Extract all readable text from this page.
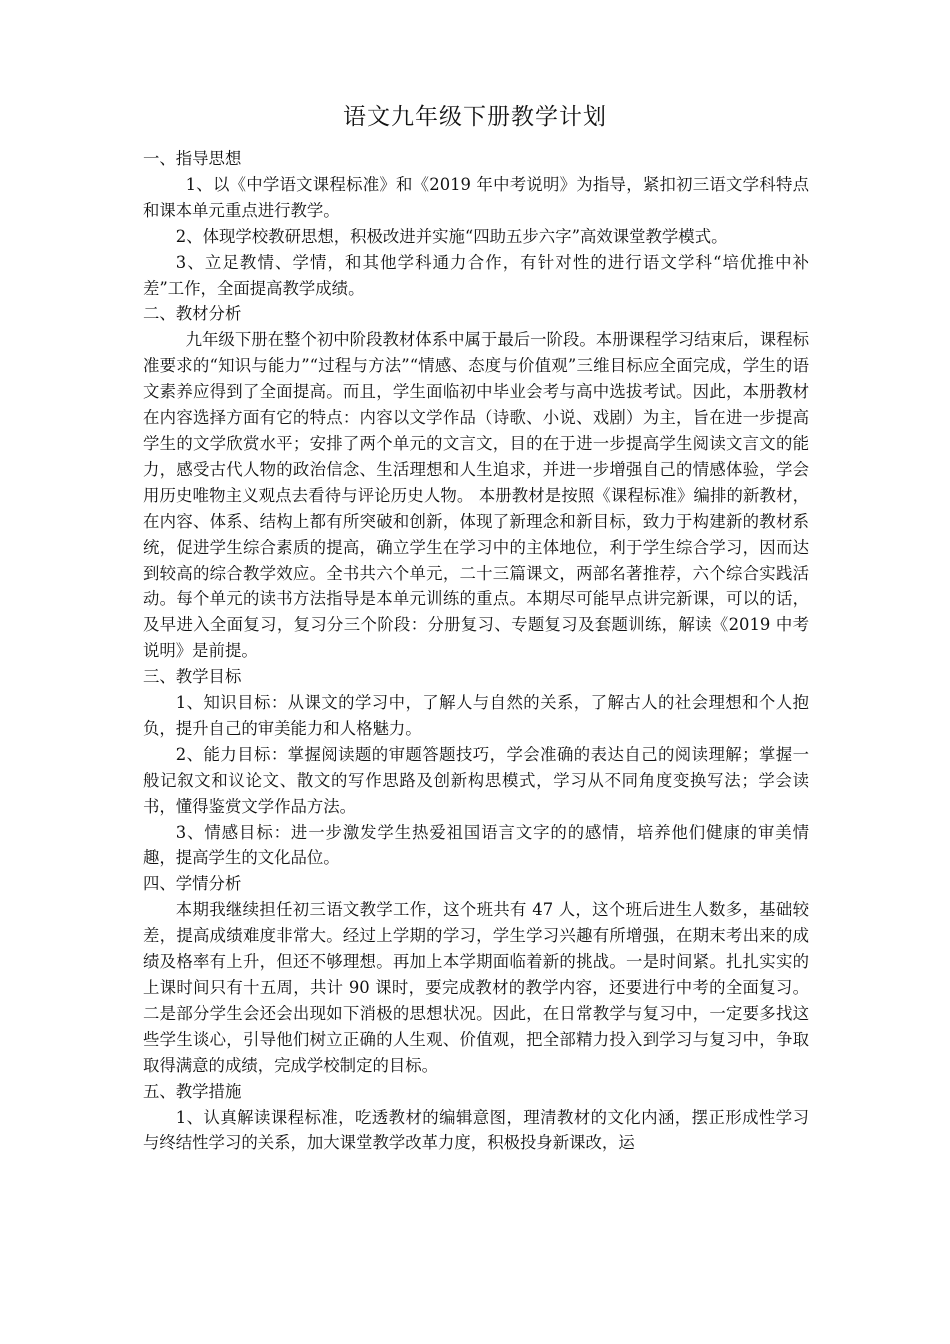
语文九年级下册教学计划

一、指导思想

1、以《中学语文课程标准》和《2019 年中考说明》为指导，紧扣初三语文学科特点和课本单元重点进行教学。

2、体现学校教研思想，积极改进并实施“四助五步六字”高效课堂教学模式。

3、立足教情、学情，和其他学科通力合作，有针对性的进行语文学科“培优推中补差”工作，全面提高教学成绩。

二、教材分析

九年级下册在整个初中阶段教材体系中属于最后一阶段。本册课程学习结束后，课程标准要求的“知识与能力”“过程与方法”“情感、态度与价值观”三维目标应全面完成，学生的语文素养应得到了全面提高。而且，学生面临初中毕业会考与高中选拔考试。因此，本册教材在内容选择方面有它的特点：内容以文学作品（诗歌、小说、戏剧）为主，旨在进一步提高学生的文学欣赏水平；安排了两个单元的文言文，目的在于进一步提高学生阅读文言文的能力，感受古代人物的政治信念、生活理想和人生追求，并进一步增强自己的情感体验，学会用历史唯物主义观点去看待与评论历史人物。 本册教材是按照《课程标准》编排的新教材，在内容、体系、结构上都有所突破和创新，体现了新理念和新目标，致力于构建新的教材系统，促进学生综合素质的提高，确立学生在学习中的主体地位，利于学生综合学习，因而达到较高的综合教学效应。全书共六个单元，二十三篇课文，两部名著推荐，六个综合实践活动。每个单元的读书方法指导是本单元训练的重点。本期尽可能早点讲完新课，可以的话，及早进入全面复习，复习分三个阶段：分册复习、专题复习及套题训练，解读《2019 中考说明》是前提。

三、教学目标

1、知识目标：从课文的学习中，了解人与自然的关系，了解古人的社会理想和个人抱负，提升自己的审美能力和人格魅力。

2、能力目标：掌握阅读题的审题答题技巧，学会准确的表达自己的阅读理解；掌握一般记叙文和议论文、散文的写作思路及创新构思模式，学习从不同角度变换写法；学会读书，懂得鉴赏文学作品方法。

3、情感目标：进一步激发学生热爱祖国语言文字的的感情，培养他们健康的审美情趣，提高学生的文化品位。

四、学情分析

本期我继续担任初三语文教学工作，这个班共有 47 人，这个班后进生人数多，基础较差，提高成绩难度非常大。经过上学期的学习，学生学习兴趣有所增强，在期末考出来的成绩及格率有上升，但还不够理想。再加上本学期面临着新的挑战。一是时间紧。扎扎实实的上课时间只有十五周，共计 90 课时，要完成教材的教学内容，还要进行中考的全面复习。二是部分学生会还会出现如下消极的思想状况。因此，在日常教学与复习中，一定要多找这些学生谈心，引导他们树立正确的人生观、价值观，把全部精力投入到学习与复习中，争取取得满意的成绩，完成学校制定的目标。

五、教学措施

1、认真解读课程标准，吃透教材的编辑意图，理清教材的文化内涵，摆正形成性学习与终结性学习的关系，加大课堂教学改革力度，积极投身新课改，运
